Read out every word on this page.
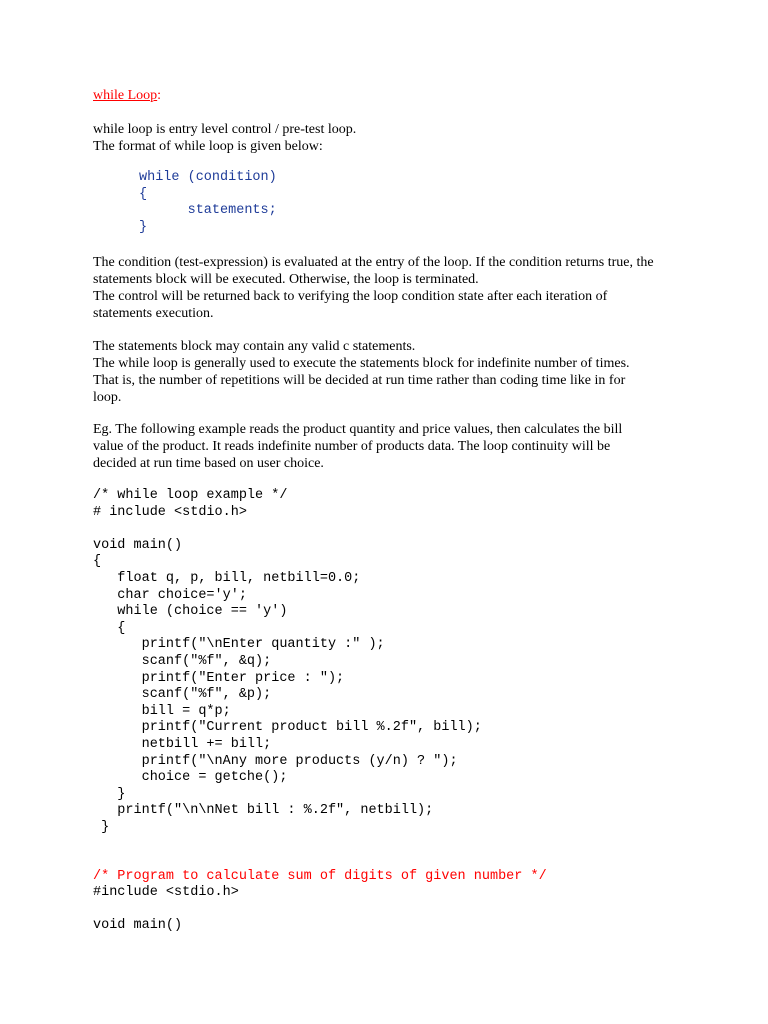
while Loop:

while loop is entry level control / pre-test loop.
The format of while loop is given below:

while (condition)
{
statements;
}

The condition (test-expression) is evaluated at the entry of the loop. If the condition returns true, the
statements block will be executed. Otherwise, the loop is terminated.
The control will be returned back to verifying the loop condition state after each iteration of
statements execution.

The statements block may contain any valid c statements.
The while loop is generally used to execute the statements block for indefinite number of times.
That is, the number of repetitions will be decided at run time rather than coding time like in for
loop.

Eg. The following example reads the product quantity and price values, then calculates the bill
value of the product. It reads indefinite number of products data. The loop continuity will be
decided at run time based on user choice.

/* while loop example */
# include <stdio.h>

void main()
{
float q, p, bill, netbill=0.0;
char choice='y';
while (choice == 'y')
{
printf("\nEnter quantity :" );
scanf("%f", &q);
printf("Enter price : ");
scanf("%f", &p);
bill = q*p;
printf("Current product bill %.2f", bill);
netbill += bill;
printf("\nAny more products (y/n) ? ");
choice = getche();
}
printf("\n\nNet bill : %.2f", netbill);
}
/* Program to calculate sum of digits of given number */
#include <stdio.h>

void main()
